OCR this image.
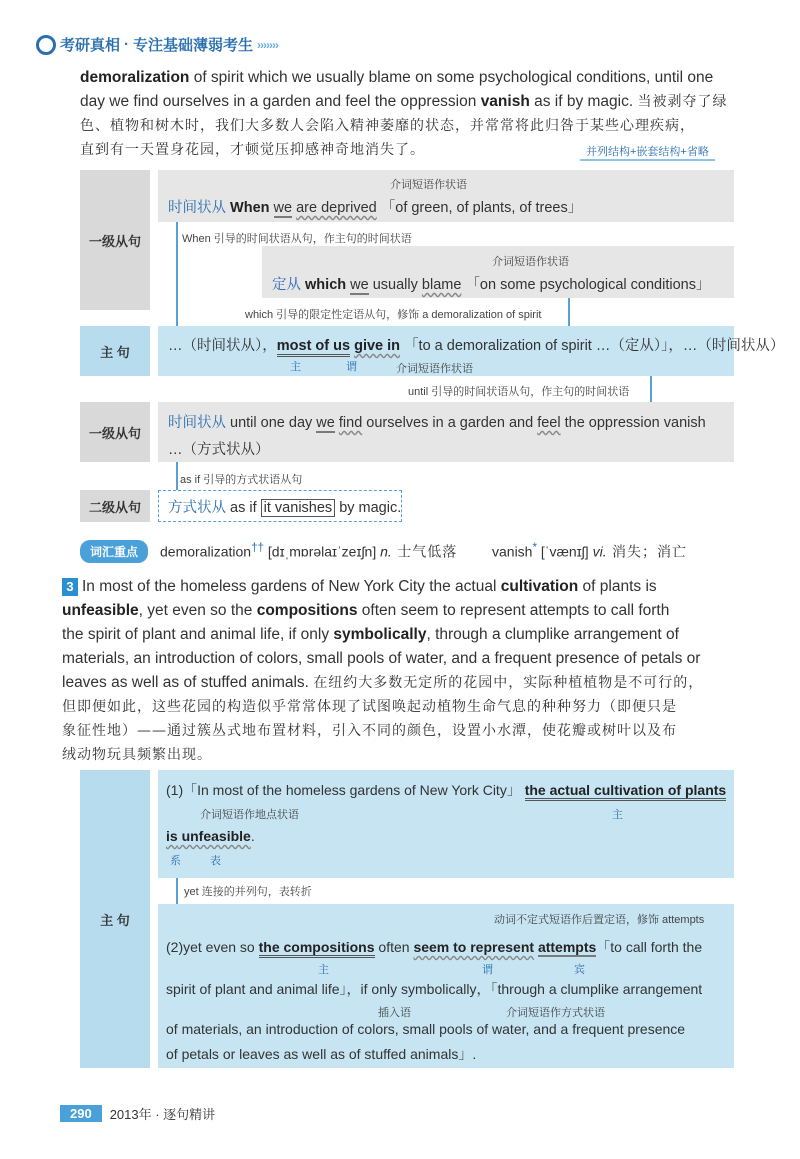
考研真相 · 专注基础薄弱考生 ›››››››
demoralization of spirit which we usually blame on some psychological conditions, until one
day we find ourselves in a garden and feel the oppression vanish as if by magic. 当被剥夺了绿
色、植物和树木时，我们大多数人会陷入精神萎靡的状态，并常常将此归咎于某些心理疾病，
直到有一天置身花园，才顿觉压抑感神奇地消失了。	并列结构+嵌套结构+省略
一级从句
介词短语作状语
时间状从 When we are deprived 「of green, of plants, of trees」
When 引导的时间状语从句，作主句的时间状语
介词短语作状语
定从 which we usually blame 「on some psychological conditions」
which 引导的限定性定语从句，修饰 a demoralization of spirit
主 句	…（时间状从），most of us give in 「to a demoralization of spirit …（定从）」，…（时间状从）
主	谓	介词短语作状语
until 引导的时间状语从句，作主句的时间状语
一级从句
时间状从 until one day we find ourselves in a garden and feel the oppression vanish
…（方式状从）
as if 引导的方式状语从句
二级从句	方式状从 as if it vanishes by magic.
词汇重点	demoralization†† [dɪˌmɒrəlaɪˈzeɪʃn] n. 士气低落 vanish* [ˈvænɪʃ] vi. 消失；消亡
3 In most of the homeless gardens of New York City the actual cultivation of plants is
unfeasible, yet even so the compositions often seem to represent attempts to call forth
the spirit of plant and animal life, if only symbolically, through a clumplike arrangement of
materials, an introduction of colors, small pools of water, and a frequent presence of petals or
leaves as well as of stuffed animals. 在纽约大多数无定所的花园中，实际种植植物是不可行的，
但即便如此，这些花园的构造似乎常常体现了试图唤起动植物生命气息的种种努力（即便只是
象征性地）——通过簇丛式地布置材料，引入不同的颜色，设置小水潭，使花瓣或树叶以及布
绒动物玩具频繁出现。
主 句
(1)「In most of the homeless gardens of New York City」 the actual cultivation of plants
介词短语作地点状语	主
is unfeasible.
系	表
yet 连接的并列句，表转折
动词不定式短语作后置定语，修饰 attempts
(2)yet even so the compositions often seem to represent attempts「to call forth the
主	谓	宾
spirit of plant and animal life」，if only symbolically，「through a clumplike arrangement
插入语	介词短语作方式状语
of materials, an introduction of colors, small pools of water, and a frequent presence
of petals or leaves as well as of stuffed animals」.
290	2013年 · 逐句精讲
